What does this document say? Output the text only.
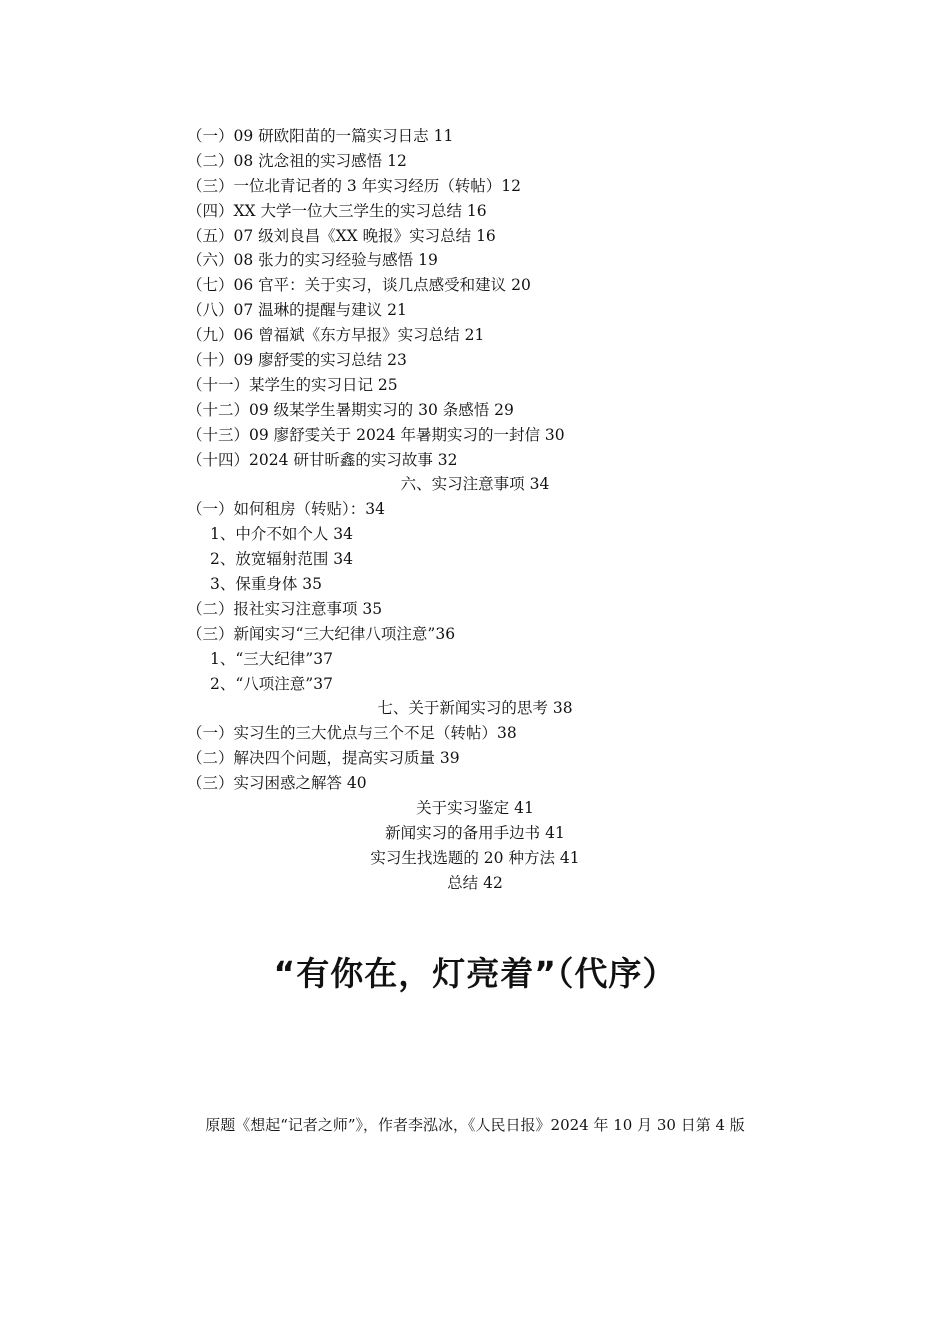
（一）09 研欧阳苗的一篇实习日志 11
（二）08 沈念祖的实习感悟 12
（三）一位北青记者的 3 年实习经历（转帖）12
（四）XX 大学一位大三学生的实习总结 16
（五）07 级刘良昌《XX 晚报》实习总结 16
（六）08 张力的实习经验与感悟 19
（七）06 官平：关于实习，谈几点感受和建议 20
（八）07 温琳的提醒与建议 21
（九）06 曾福斌《东方早报》实习总结 21
（十）09 廖舒雯的实习总结 23
（十一）某学生的实习日记 25
（十二）09 级某学生暑期实习的 30 条感悟 29
（十三）09 廖舒雯关于 2024 年暑期实习的一封信 30
（十四）2024 研甘昕鑫的实习故事 32
六、实习注意事项 34
（一）如何租房（转贴）：34
1、中介不如个人 34
2、放宽辐射范围 34
3、保重身体 35
（二）报社实习注意事项 35
（三）新闻实习“三大纪律八项注意”36
1、“三大纪律”37
2、“八项注意”37
七、关于新闻实习的思考 38
（一）实习生的三大优点与三个不足（转帖）38
（二）解决四个问题，提高实习质量 39
（三）实习困惑之解答 40
关于实习鉴定 41
新闻实习的备用手边书 41
实习生找选题的 20 种方法 41
总结 42
“有你在，灯亮着”（代序）
原题《想起“记者之师”》，作者李泓冰，《人民日报》2024 年 10 月 30 日第 4 版
